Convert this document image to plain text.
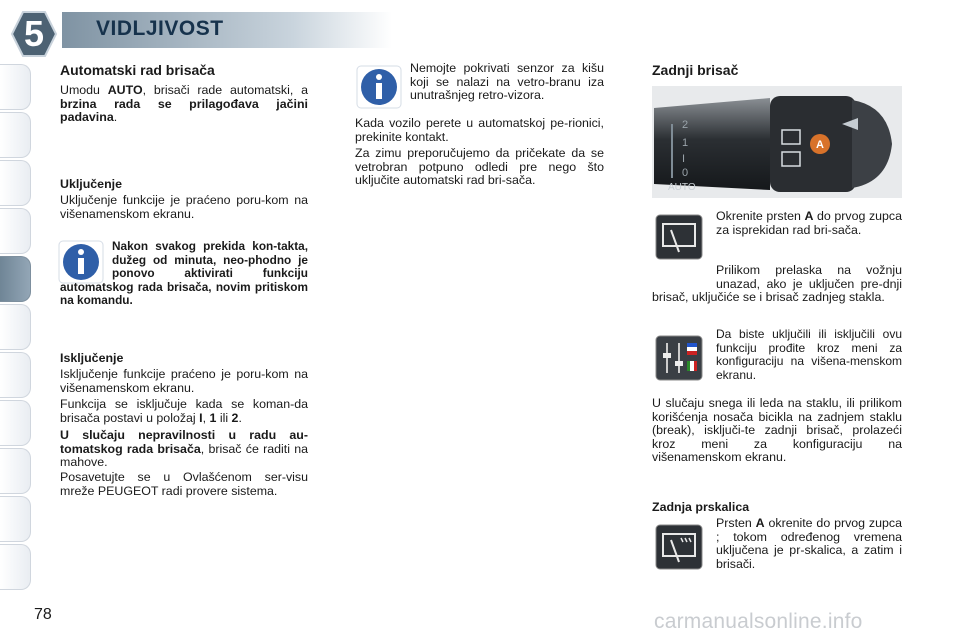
5	VIDLJIVOST
Automatski rad brisača

Umodu AUTO, brisači rade automatski, a brzina rada se prilagođava jačini padavina.

Uključenje

Uključenje funkcije je praćeno poru-kom na višenamenskom ekranu.

Nakon svakog prekida kon-takta, dužeg od minuta, neo-phodno je ponovo aktivirati funkciju automatskog rada brisača, novim pritiskom na komandu.

Isključenje

Isključenje funkcije praćeno je poru-kom na višenamenskom ekranu.

Funkcija se isključuje kada se koman-da brisača postavi u položaj I, 1 ili 2.

U slučaju nepravilnosti u radu au-tomatskog rada brisača, brisač će raditi na mahove.

Posavetujte se u Ovlašćenom ser-visu mreže PEUGEOT radi provere sistema.

Nemojte pokrivati senzor za kišu koji se nalazi na vetro-branu iza unutrašnjeg retro-vizora.

Kada vozilo perete u automatskoj pe-rionici, prekinite kontakt.

Za zimu preporučujemo da pričekate da se vetrobran potpuno odledi pre nego što uključite automatski rad bri-sača.

Zadnji brisač
2
1
I
0
AUTO
A

Okrenite prsten A do prvog zupca za isprekidan rad bri-sača.

Prilikom prelaska na vožnju unazad, ako je uključen pre-dnji brisač, uključiće se i brisač zadnjeg stakla.

Da biste uključili ili isključili ovu funkciju prođite kroz meni za konfiguraciju na višena-menskom ekranu.

U slučaju snega ili leda na staklu, ili prilikom korišćenja nosača bicikla na zadnjem staklu (break), isključi-te zadnji brisač, prolazeći kroz meni za konfiguraciju na višenamenskom ekranu.

Zadnja prskalica

Prsten A okrenite do prvog zupca ; tokom određenog vremena uključena je pr-skalica, a zatim i brisači.

78	carmanualsonline.info
